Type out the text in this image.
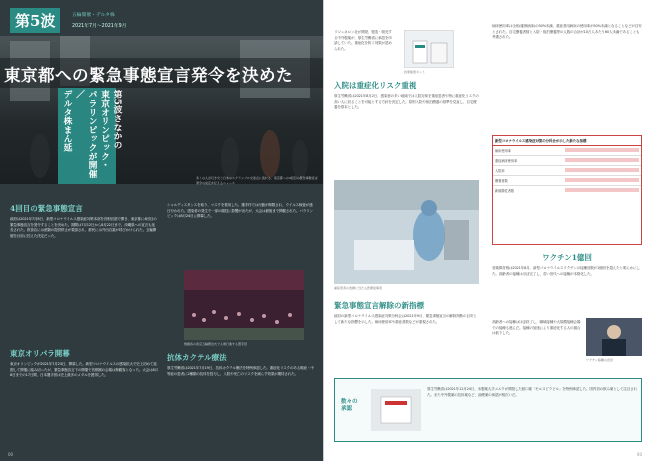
第5波	五輪開催・デルタ株
2021年7月～2021年9月
東京都への緊急事態宣言発令を決めた
第5波さなかの
東京オリンピック・
パラリンピックが開催／
デルタ株まん延
多くの人が行き交う日本のスクランブル交差点に流れる、東京都への4回目の緊急事態宣言発令の決定を伝えるニュース
4回目の緊急事態宣言
政府は2021年7月8日、新型コロナウイルス感染症対策本部を首相官邸で開き、東京都に4回目の緊急事態宣言を発令することを決めた。期間は7月12日から8月22日まで。沖縄県への宣言も延長された。飲食店には酒類の提供停止が要請され、都民には外出自粛が呼びかけられた。五輪開催を目前に控えた決定だった。
東京オリパラ開幕
東京オリンピックが2021年7月23日、開幕した。新型コロナウイルスの感染拡大で史上初めて延期して開催に踏み切ったが、緊急事態宣言下の開催で首都圏の会場は無観客となった。大会は8月8日までの17日間、日本選手団は史上最多のメダルを獲得した。
シャルディスタンスを取り、マスクを着用した。選手村では行動が制限され、ウイルス検査が連日行われた。感染者の発生で一部の競技に影響が出たが、大会は最後まで開催された。パラリンピックは8月24日に開幕した。
無観客の東京五輪開会式で入場行進する選手団
抗体カクテル療法
厚生労働省は2021年7月19日、抗体カクテル療法を特例承認した。重症化リスクのある軽症・中等症の患者に2種類の抗体を投与し、入院や死亡のリスクを減らす効果が期待された。
00
リジェネロン社が開発、製造・販売する中外製薬が、厚生労働省に承認を申請していた。重症化を防ぐ効果が認められた。
抗原検査キット
入院は重症化リスク重視
厚生労働省は2021年8月2日、感染者の多い地域では入院対象を重症患者や特に重症化リスクの高い人に絞ることを可能とする方針を決定した。原則入院や宿泊療養の基準を見直し、自宅療養を基本とした。
重症患者の治療に当たる医療従事者
緊急事態宣言解除の新指標
政府の新型コロナウイルス感染症対策分科会は2021年9月、緊急事態宣言の解除判断の目安として新たな指標を示した。病床使用率や重症者数などが重視された。
病床使用率は全体(確保病床)の50%未満、重症者用病床の使用率が50%未満となることなどが目安とされた。自宅療養者数と入院・宿泊療養等の人数の合計が10万人あたり60人未満であることも考慮された。
新型コロナウイルス感染症対策の分科会が示した新たな指標
病床使用率
重症病床使用率
入院率
療養者数
新規陽性者数
ワクチン1億回
菅義偉首相は2021年8月、新型コロナウイルスワクチンの接種回数が1億回を超えたと明らかにした。高齢者の接種はほぼ完了し、若い世代への接種が本格化した。
高齢者への接種はほぼ終了し、職域接種や大規模接種会場での接種も進んだ。接種の加速により重症化する人の割合は低下した。
ワクチン接種の会見
数々の
承認
厚生労働省は2021年12月24日、米製薬大手メルクが開発した経口薬「モルヌピラビル」を特例承認した。国内初の飲み薬として注目された。また中外製薬の抗体薬など、治療薬の承認が相次いだ。
00
